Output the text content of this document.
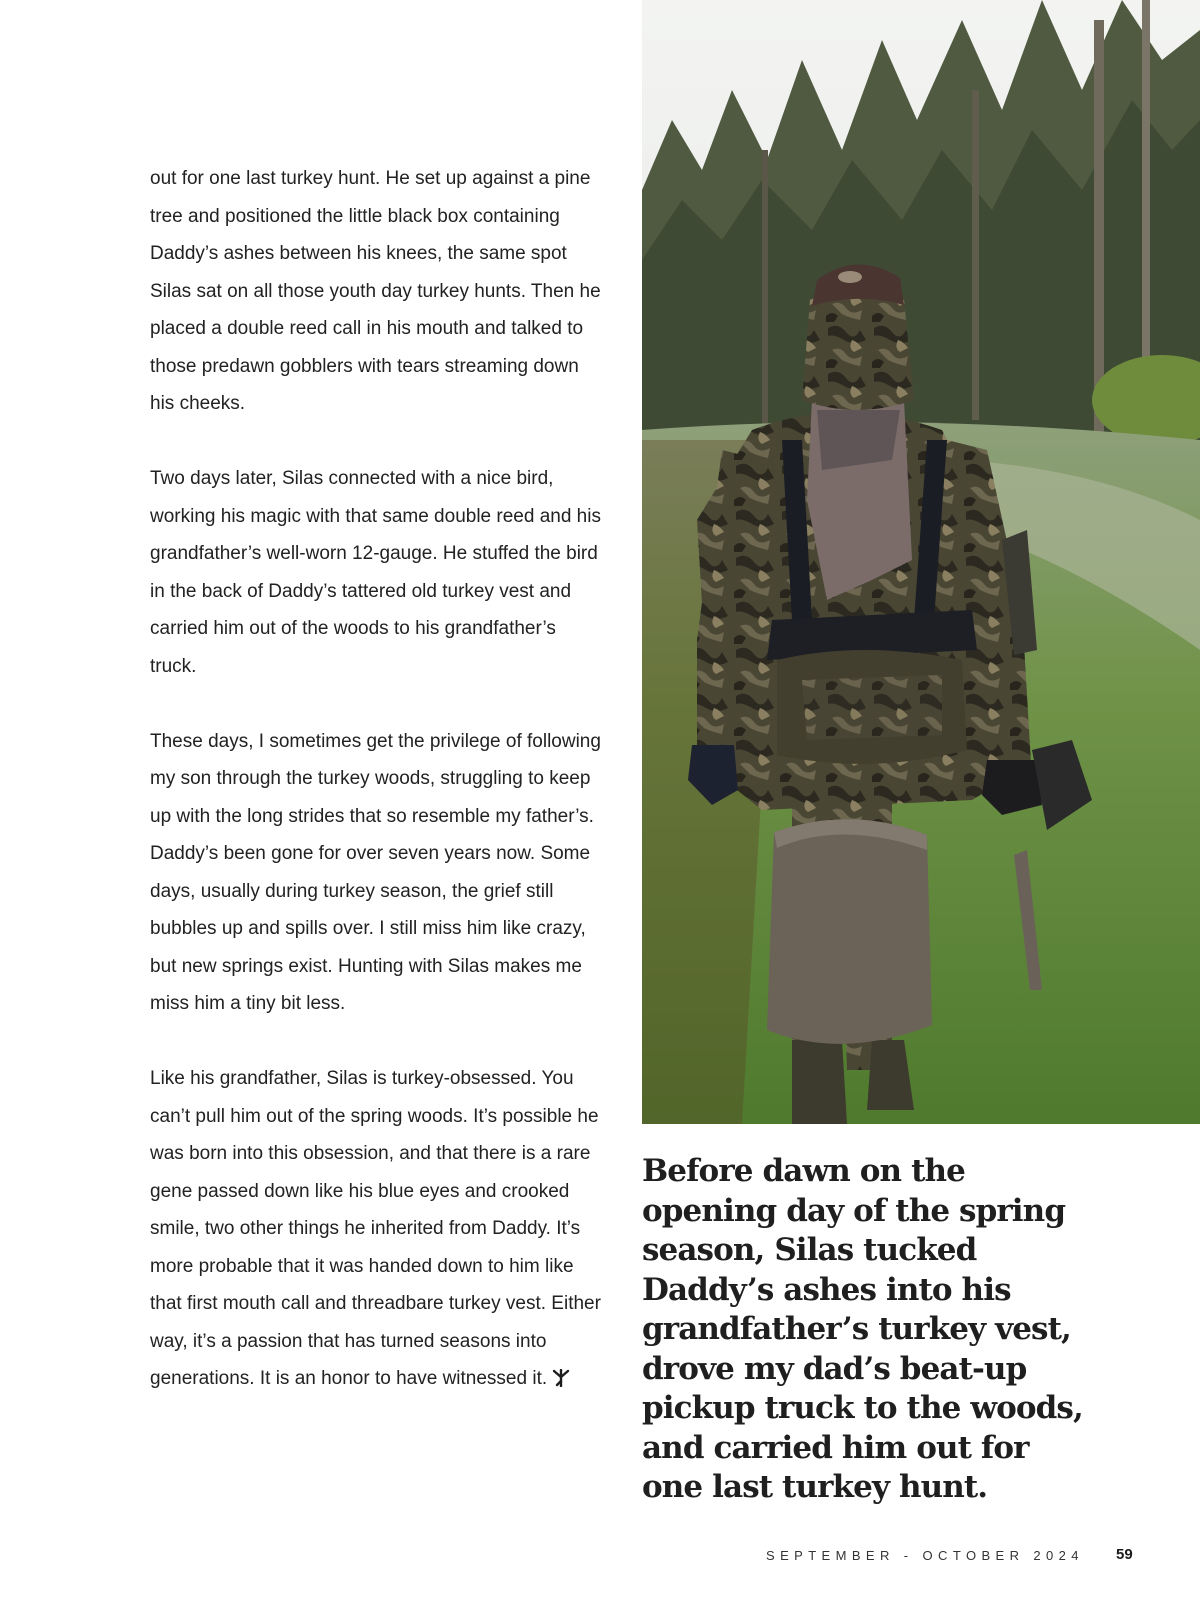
out for one last turkey hunt. He set up against a pine tree and positioned the little black box containing Daddy’s ashes between his knees, the same spot Silas sat on all those youth day turkey hunts. Then he placed a double reed call in his mouth and talked to those predawn gobblers with tears streaming down his cheeks.

Two days later, Silas connected with a nice bird, working his magic with that same double reed and his grandfather’s well-worn 12-gauge. He stuffed the bird in the back of Daddy’s tattered old turkey vest and carried him out of the woods to his grandfather’s truck.

These days, I sometimes get the privilege of following my son through the turkey woods, struggling to keep up with the long strides that so resemble my father’s. Daddy’s been gone for over seven years now. Some days, usually during turkey season, the grief still bubbles up and spills over. I still miss him like crazy, but new springs exist. Hunting with Silas makes me miss him a tiny bit less.

Like his grandfather, Silas is turkey-obsessed. You can’t pull him out of the spring woods. It’s possible he was born into this obsession, and that there is a rare gene passed down like his blue eyes and crooked smile, two other things he inherited from Daddy. It’s more probable that it was handed down to him like that first mouth call and threadbare turkey vest. Either way, it’s a passion that has turned seasons into generations. It is an honor to have witnessed it.

Before dawn on the opening day of the spring season, Silas tucked Daddy’s ashes into his grandfather’s turkey vest, drove my dad’s beat-up pickup truck to the woods, and carried him out for one last turkey hunt.

SEPTEMBER - OCTOBER 2024 59
